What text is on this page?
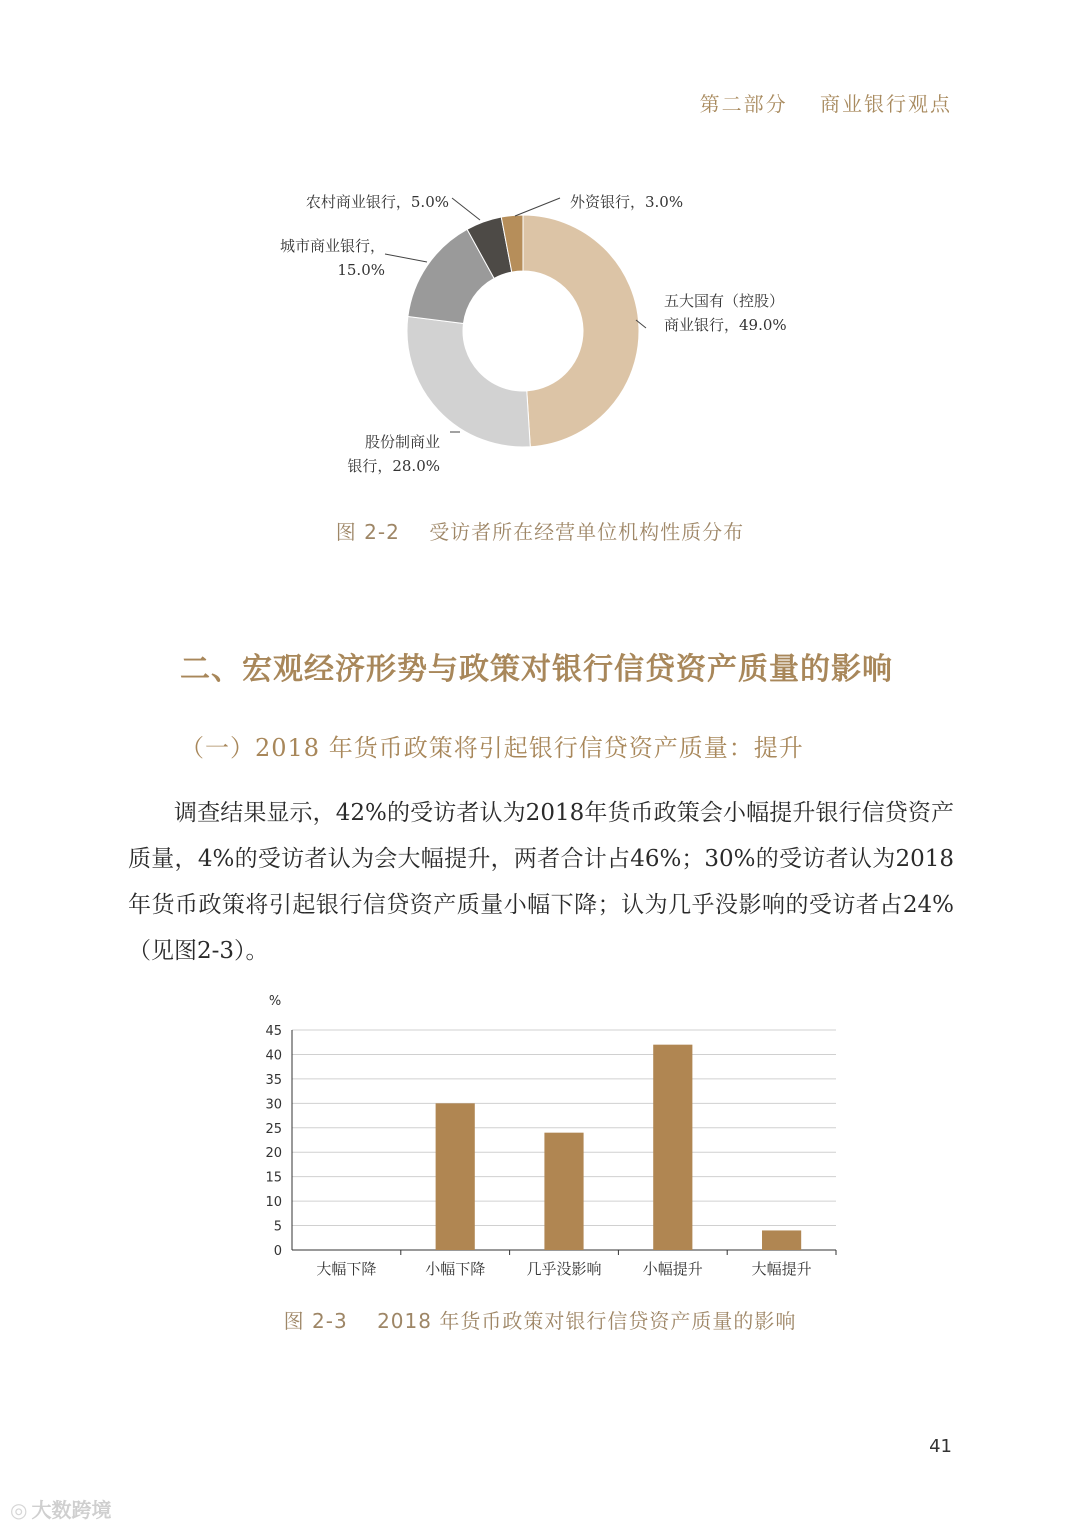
第二部分 商业银行观点
五大国有（控股）
商业银行，49.0%
股份制商业
银行，28.0%
城市商业银行，
15.0%
农村商业银行，5.0%	外资银行，3.0%
图 2-2 受访者所在经营单位机构性质分布
二、宏观经济形势与政策对银行信贷资产质量的影响
（一）2018 年货币政策将引起银行信贷资产质量：提升

调查结果显示，42%的受访者认为2018年货币政策会小幅提升银行信贷资产质量，4%的受访者认为会大幅提升，两者合计占46%；30%的受访者认为2018年货币政策将引起银行信贷资产质量小幅下降；认为几乎没影响的受访者占24%（见图2-3）。

%
0
5
10
15
20
25
30
35
40
45
大幅下降	小幅下降	几乎没影响	小幅提升	大幅提升
图 2-3 2018 年货币政策对银行信贷资产质量的影响
41
◎ 大数跨境
